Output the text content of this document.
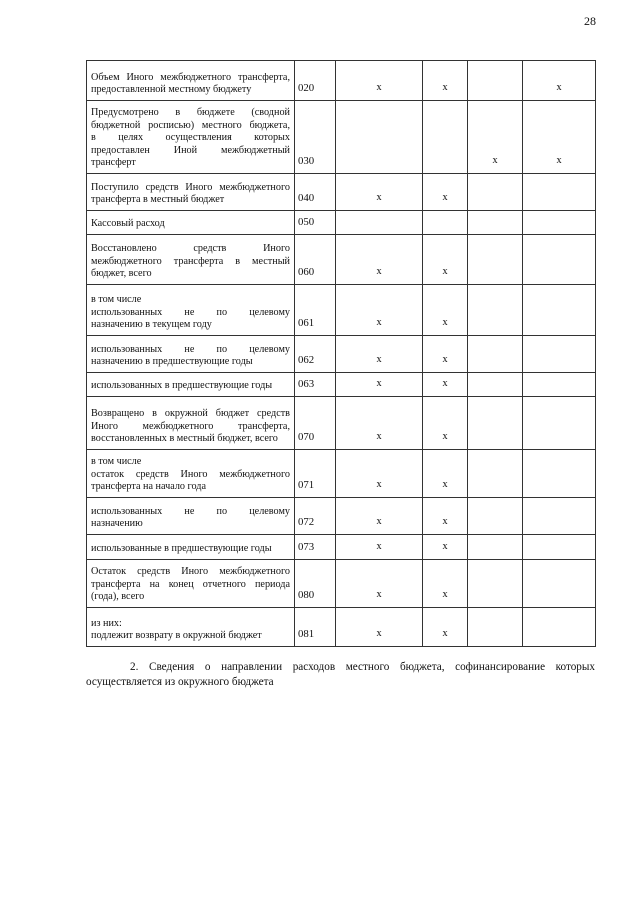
28
Объем Иного межбюджетного трансферта,
предоставленной местному бюджету	020	х	х		х

Предусмотрено в бюджете (сводной
бюджетной росписью) местного бюджета,
в целях осуществления которых
предоставлен Иной межбюджетный
трансферт	030			х	х

Поступило средств Иного межбюджетного
трансферта в местный бюджет	040	х	х		

Кассовый расход	050				

Восстановлено средств Иного
межбюджетного трансферта в местный
бюджет, всего	060	х	х		

в том числе
использованных не по целевому
назначению в текущем году	061	х	х		

использованных не по целевому
назначению в предшествующие годы	062	х	х		

использованных в предшествующие годы	063	х	х		

Возвращено в окружной бюджет средств
Иного межбюджетного трансферта,
восстановленных в местный бюджет, всего	070	х	х		

в том числе
остаток средств Иного межбюджетного
трансферта на начало года	071	х	х		

использованных не по целевому
назначению	072	х	х		

использованные в предшествующие годы	073	х	х		

Остаток средств Иного межбюджетного
трансферта на конец отчетного периода
(года), всего	080	х	х		

из них:
подлежит возврату в окружной бюджет	081	х	х		

2. Сведения о направлении расходов местного бюджета, софинансирование которых
осуществляется из окружного бюджета
